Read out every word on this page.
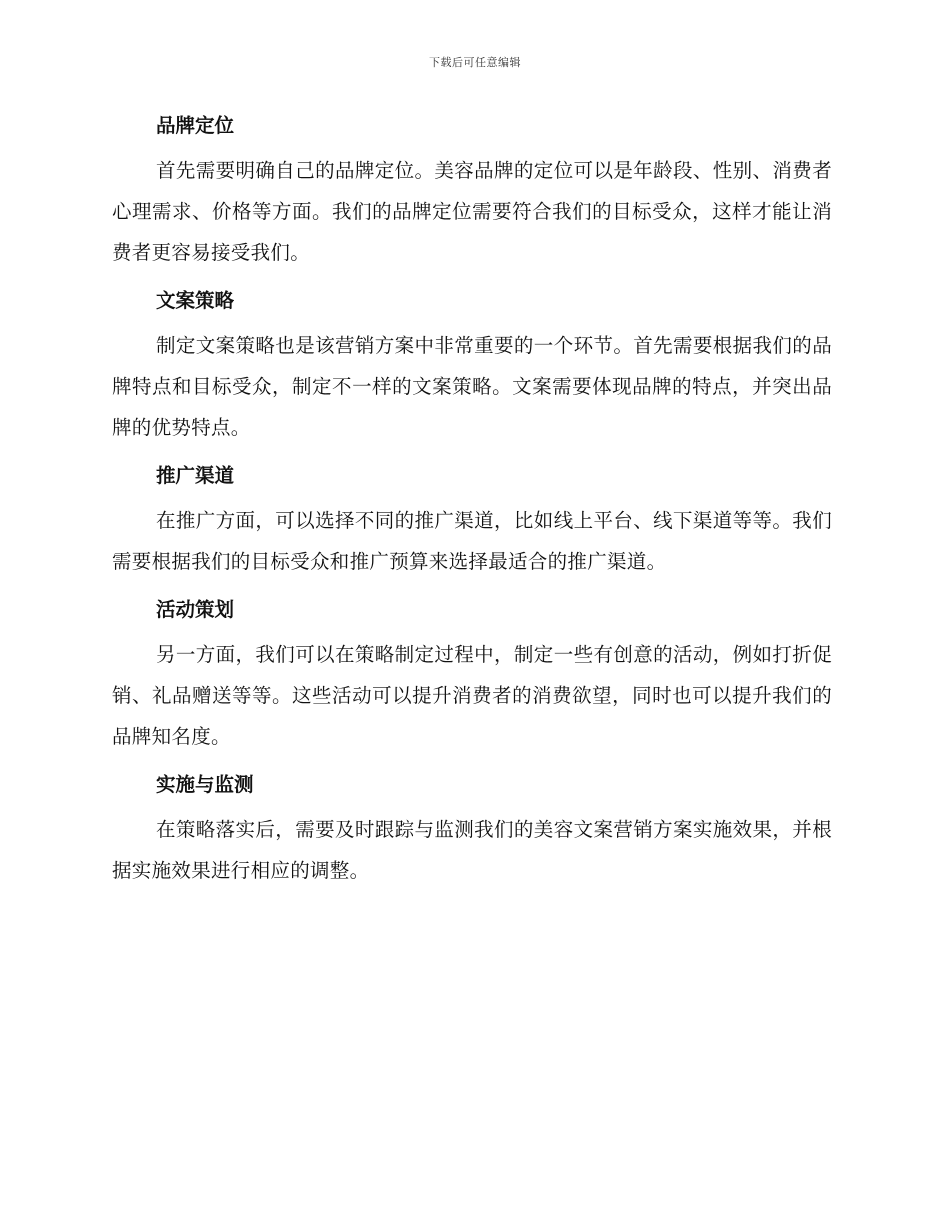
下载后可任意编辑
品牌定位

首先需要明确自己的品牌定位。美容品牌的定位可以是年龄段、性别、消费者心理需求、价格等方面。我们的品牌定位需要符合我们的目标受众，这样才能让消费者更容易接受我们。

文案策略

制定文案策略也是该营销方案中非常重要的一个环节。首先需要根据我们的品牌特点和目标受众，制定不一样的文案策略。文案需要体现品牌的特点，并突出品牌的优势特点。

推广渠道

在推广方面，可以选择不同的推广渠道，比如线上平台、线下渠道等等。我们需要根据我们的目标受众和推广预算来选择最适合的推广渠道。

活动策划

另一方面，我们可以在策略制定过程中，制定一些有创意的活动，例如打折促销、礼品赠送等等。这些活动可以提升消费者的消费欲望，同时也可以提升我们的品牌知名度。

实施与监测

在策略落实后，需要及时跟踪与监测我们的美容文案营销方案实施效果，并根据实施效果进行相应的调整。
